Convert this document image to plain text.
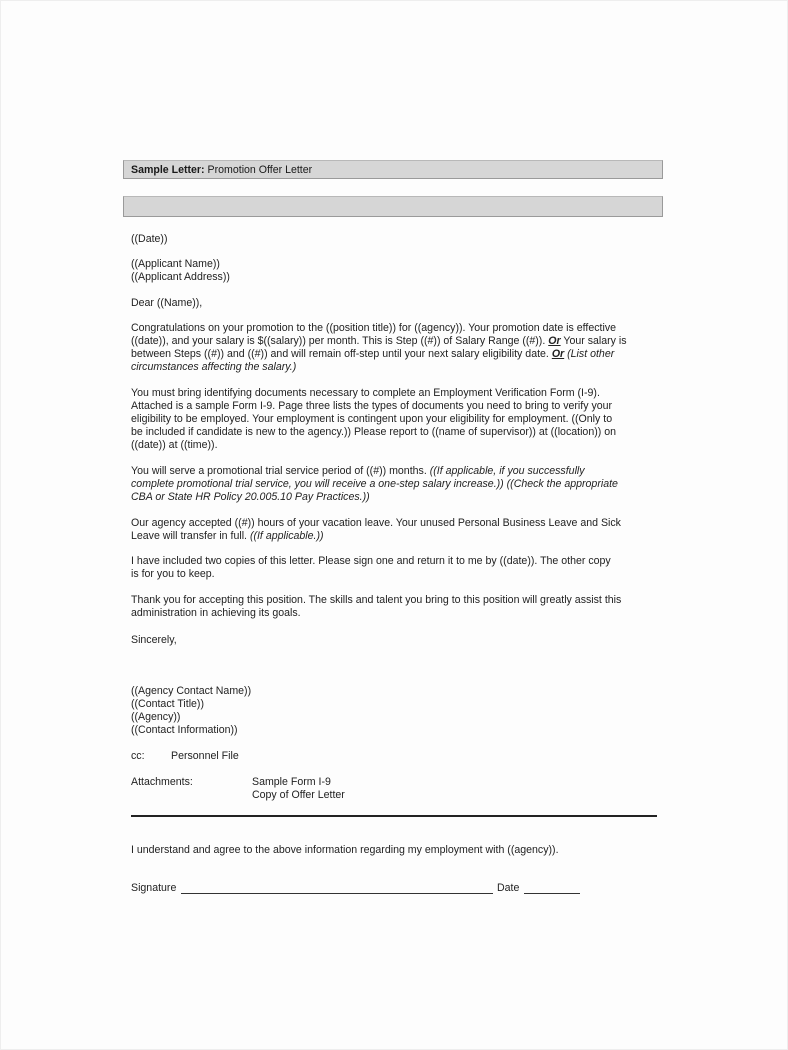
Sample Letter: Promotion Offer Letter
((Date))
((Applicant Name))
((Applicant Address))
Dear ((Name)),
Congratulations on your promotion to the ((position title)) for ((agency)). Your promotion date is effective
((date)), and your salary is $((salary)) per month. This is Step ((#)) of Salary Range ((#)). Or Your salary is
between Steps ((#)) and ((#)) and will remain off-step until your next salary eligibility date. Or (List other
circumstances affecting the salary.)
You must bring identifying documents necessary to complete an Employment Verification Form (I-9).
Attached is a sample Form I-9. Page three lists the types of documents you need to bring to verify your
eligibility to be employed. Your employment is contingent upon your eligibility for employment. ((Only to
be included if candidate is new to the agency.)) Please report to ((name of supervisor)) at ((location)) on
((date)) at ((time)).
You will serve a promotional trial service period of ((#)) months. ((If applicable, if you successfully
complete promotional trial service, you will receive a one-step salary increase.)) ((Check the appropriate
CBA or State HR Policy 20.005.10 Pay Practices.))
Our agency accepted ((#)) hours of your vacation leave. Your unused Personal Business Leave and Sick
Leave will transfer in full. ((If applicable.))
I have included two copies of this letter. Please sign one and return it to me by ((date)). The other copy
is for you to keep.
Thank you for accepting this position. The skills and talent you bring to this position will greatly assist this
administration in achieving its goals.
Sincerely,
((Agency Contact Name))
((Contact Title))
((Agency))
((Contact Information))
cc: Personnel File
Attachments:	Sample Form I-9
Copy of Offer Letter
I understand and agree to the above information regarding my employment with ((agency)).
Signature	Date
